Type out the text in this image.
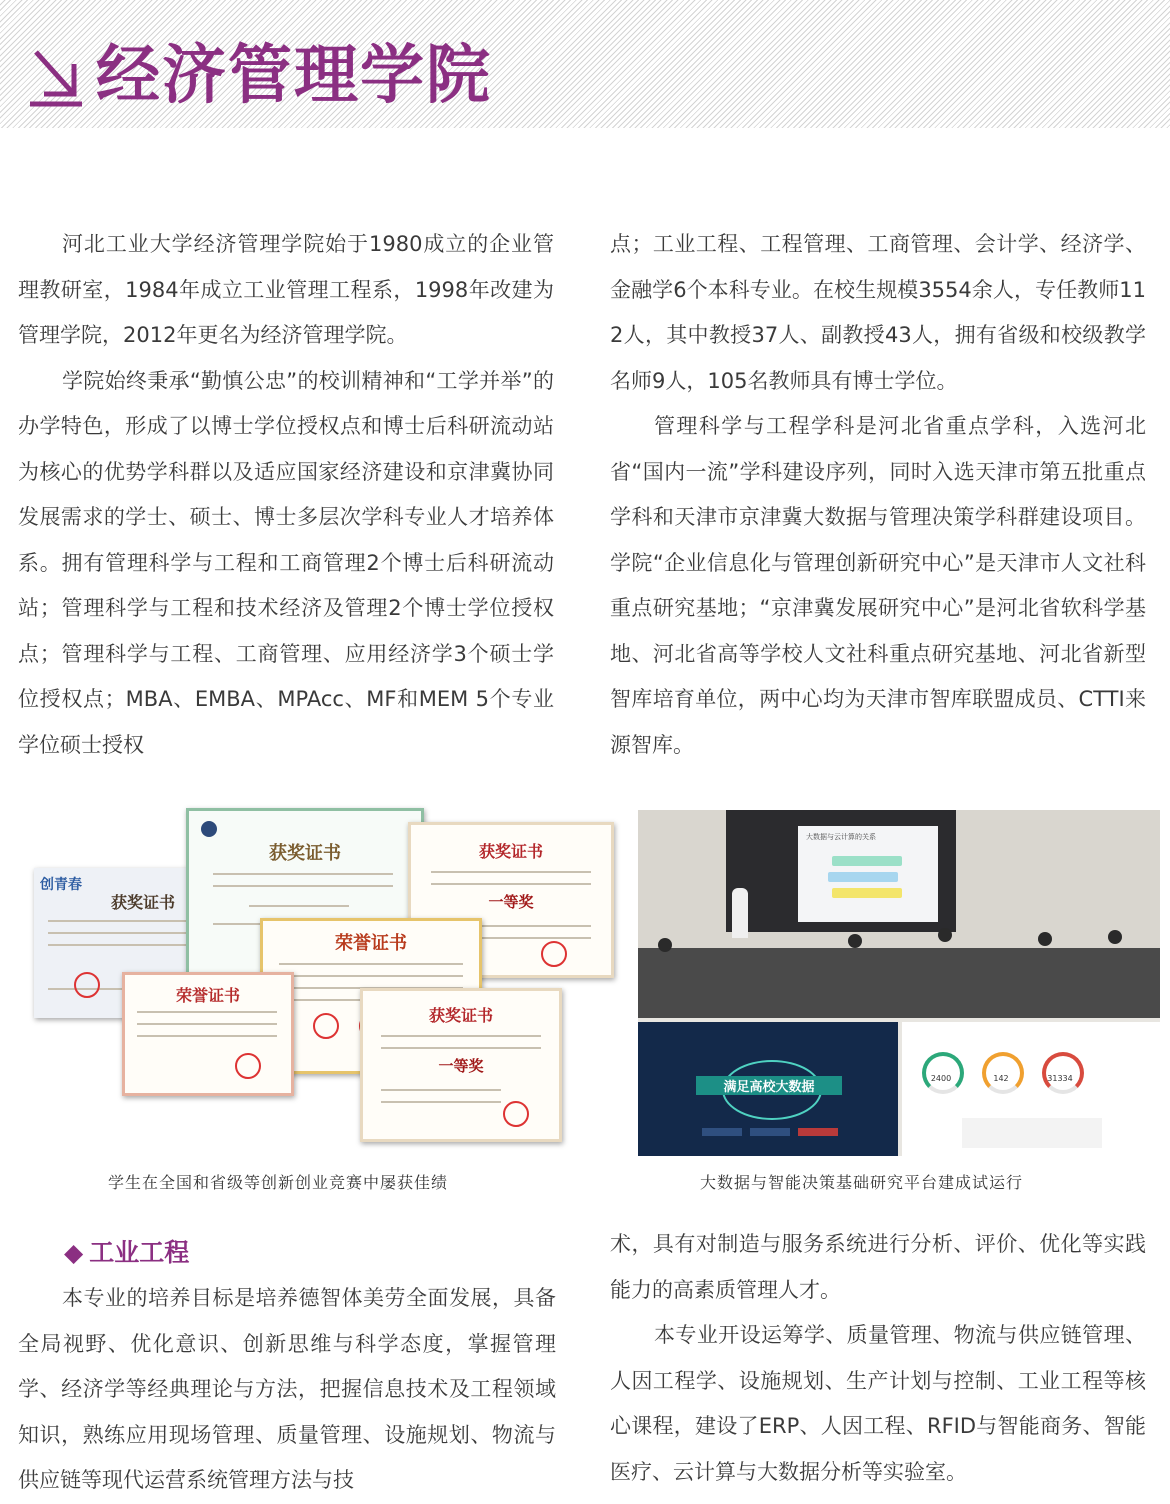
经济管理学院

河北工业大学经济管理学院始于1980成立的企业管理教研室，1984年成立工业管理工程系，1998年改建为管理学院，2012年更名为经济管理学院。

学院始终秉承“勤慎公忠”的校训精神和“工学并举”的办学特色，形成了以博士学位授权点和博士后科研流动站为核心的优势学科群以及适应国家经济建设和京津冀协同发展需求的学士、硕士、博士多层次学科专业人才培养体系。拥有管理科学与工程和工商管理2个博士后科研流动站；管理科学与工程和技术经济及管理2个博士学位授权点；管理科学与工程、工商管理、应用经济学3个硕士学位授权点；MBA、EMBA、MPAcc、MF和MEM 5个专业学位硕士授权

点；工业工程、工程管理、工商管理、会计学、经济学、金融学6个本科专业。在校生规模3554余人，专任教师112人，其中教授37人、副教授43人，拥有省级和校级教学名师9人，105名教师具有博士学位。

管理科学与工程学科是河北省重点学科，入选河北省“国内一流”学科建设序列，同时入选天津市第五批重点学科和天津市京津冀大数据与管理决策学科群建设项目。学院“企业信息化与管理创新研究中心”是天津市人文社科重点研究基地；“京津冀发展研究中心”是河北省软科学基地、河北省高等学校人文社科重点研究基地、河北省新型智库培育单位，两中心均为天津市智库联盟成员、CTTI来源智库。

创青春
获奖证书
获奖证书	获奖证书
一等奖
荣誉证书
荣誉证书
获奖证书
一等奖
学生在全国和省级等创新创业竞赛中屡获佳绩
大数据与云计算的关系
满足高校大数据
2400	142	31334
大数据与智能决策基础研究平台建成试运行
◆ 工业工程

本专业的培养目标是培养德智体美劳全面发展，具备全局视野、优化意识、创新思维与科学态度，掌握管理学、经济学等经典理论与方法，把握信息技术及工程领域知识，熟练应用现场管理、质量管理、设施规划、物流与供应链等现代运营系统管理方法与技

术，具有对制造与服务系统进行分析、评价、优化等实践能力的高素质管理人才。

本专业开设运筹学、质量管理、物流与供应链管理、人因工程学、设施规划、生产计划与控制、工业工程等核心课程，建设了ERP、人因工程、RFID与智能商务、智能医疗、云计算与大数据分析等实验室。
